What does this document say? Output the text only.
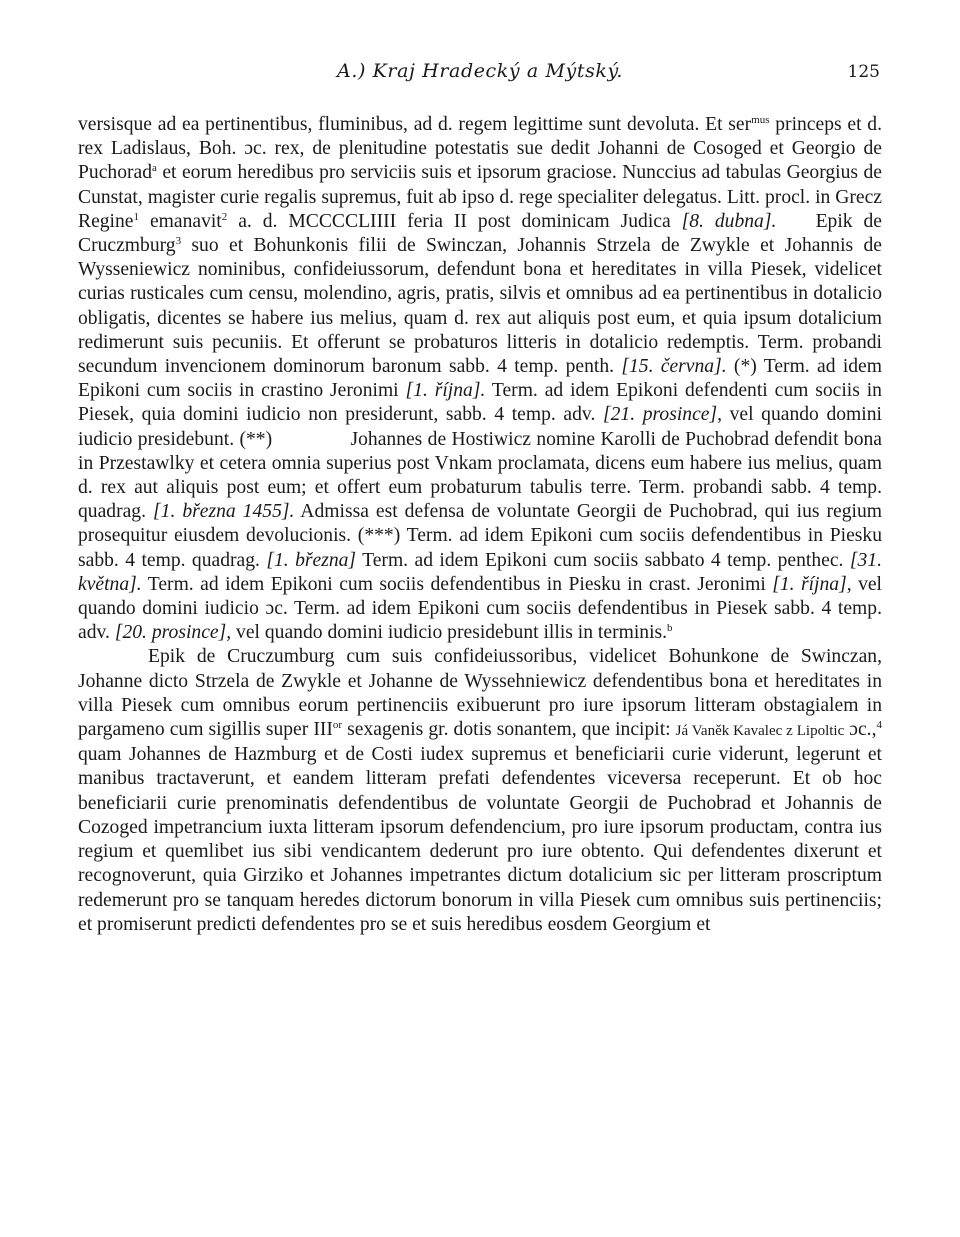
A.) Kraj Hradecký a Mýtský.	125

versisque ad ea pertinentibus, fluminibus, ad d. regem legittime sunt devoluta. Et ser$^{mus}$ princeps et d. rex Ladislaus, Boh. ɔc. rex, de plenitudine potestatis sue dedit Johanni de Cosoged et Georgio de Puchorad$^a$ et eorum heredibus pro serviciis suis et ipsorum graciose. Nunccius ad tabulas Georgius de Cunstat, magister curie regalis supremus, fuit ab ipso d. rege specialiter delegatus. Litt. procl. in Grecz Regine$^1$ emanavit$^2$ a. d. MCCCCLIIII feria II post dominicam Judica [8. dubna].  Epik de Cruczmburg$^3$ suo et Bohunkonis filii de Swinczan, Johannis Strzela de Zwykle et Johannis de Wysseniewicz nominibus, confideiussorum, defendunt bona et hereditates in villa Piesek, videlicet curias rusticales cum censu, molendino, agris, pratis, silvis et omnibus ad ea pertinentibus in dotalicio obligatis, dicentes se habere ius melius, quam d. rex aut aliquis post eum, et quia ipsum dotalicium redimerunt suis pecuniis. Et offerunt se probaturos litteris in dotalicio redemptis. Term. probandi secundum invencionem dominorum baronum sabb. 4 temp. penth. [15. června]. (*) Term. ad idem Epikoni cum sociis in crastino Jeronimi [1. října]. Term. ad idem Epikoni defendenti cum sociis in Piesek, quia domini iudicio non presiderunt, sabb. 4 temp. adv. [21. prosince], vel quando domini iudicio presidebunt. (**)    Johannes de Hostiwicz nomine Karolli de Puchobrad defendit bona in Przestawlky et cetera omnia superius post Vnkam proclamata, dicens eum habere ius melius, quam d. rex aut aliquis post eum; et offert eum probaturum tabulis terre. Term. probandi sabb. 4 temp. quadrag. [1. března 1455]. Admissa est defensa de voluntate Georgii de Puchobrad, qui ius regium prosequitur eiusdem devolucionis. (***) Term. ad idem Epikoni cum sociis defendentibus in Piesku sabb. 4 temp. quadrag. [1. března] Term. ad idem Epikoni cum sociis sabbato 4 temp. penthec. [31. května]. Term. ad idem Epikoni cum sociis defendentibus in Piesku in crast. Jeronimi [1. října], vel quando domini iudicio ɔc. Term. ad idem Epikoni cum sociis defendentibus in Piesek sabb. 4 temp. adv. [20. prosince], vel quando domini iudicio presidebunt illis in terminis.$^b$

Epik de Cruczumburg cum suis confideiussoribus, videlicet Bohunkone de Swinczan, Johanne dicto Strzela de Zwykle et Johanne de Wyssehniewicz defendentibus bona et hereditates in villa Piesek cum omnibus eorum pertinenciis exibuerunt pro iure ipsorum litteram obstagialem in pargameno cum sigillis super $III^{or}$ sexagenis gr. dotis sonantem, que incipit: Já Vaněk Kavalec z Lipoltic ɔc.,$^4$ quam Johannes de Hazmburg et de Costi iudex supremus et beneficiarii curie viderunt, legerunt et manibus tractaverunt, et eandem litteram prefati defendentes viceversa receperunt. Et ob hoc beneficiarii curie prenominatis defendentibus de voluntate Georgii de Puchobrad et Johannis de Cozoged impetrancium iuxta litteram ipsorum defendencium, pro iure ipsorum productam, contra ius regium et quemlibet ius sibi vendicantem dederunt pro iure obtento. Qui defendentes dixerunt et recognoverunt, quia Girziko et Johannes impetrantes dictum dotalicium sic per litteram proscriptum redemerunt pro se tanquam heredes dictorum bonorum in villa Piesek cum omnibus suis pertinenciis; et promiserunt predicti defendentes pro se et suis heredibus eosdem Georgium et
